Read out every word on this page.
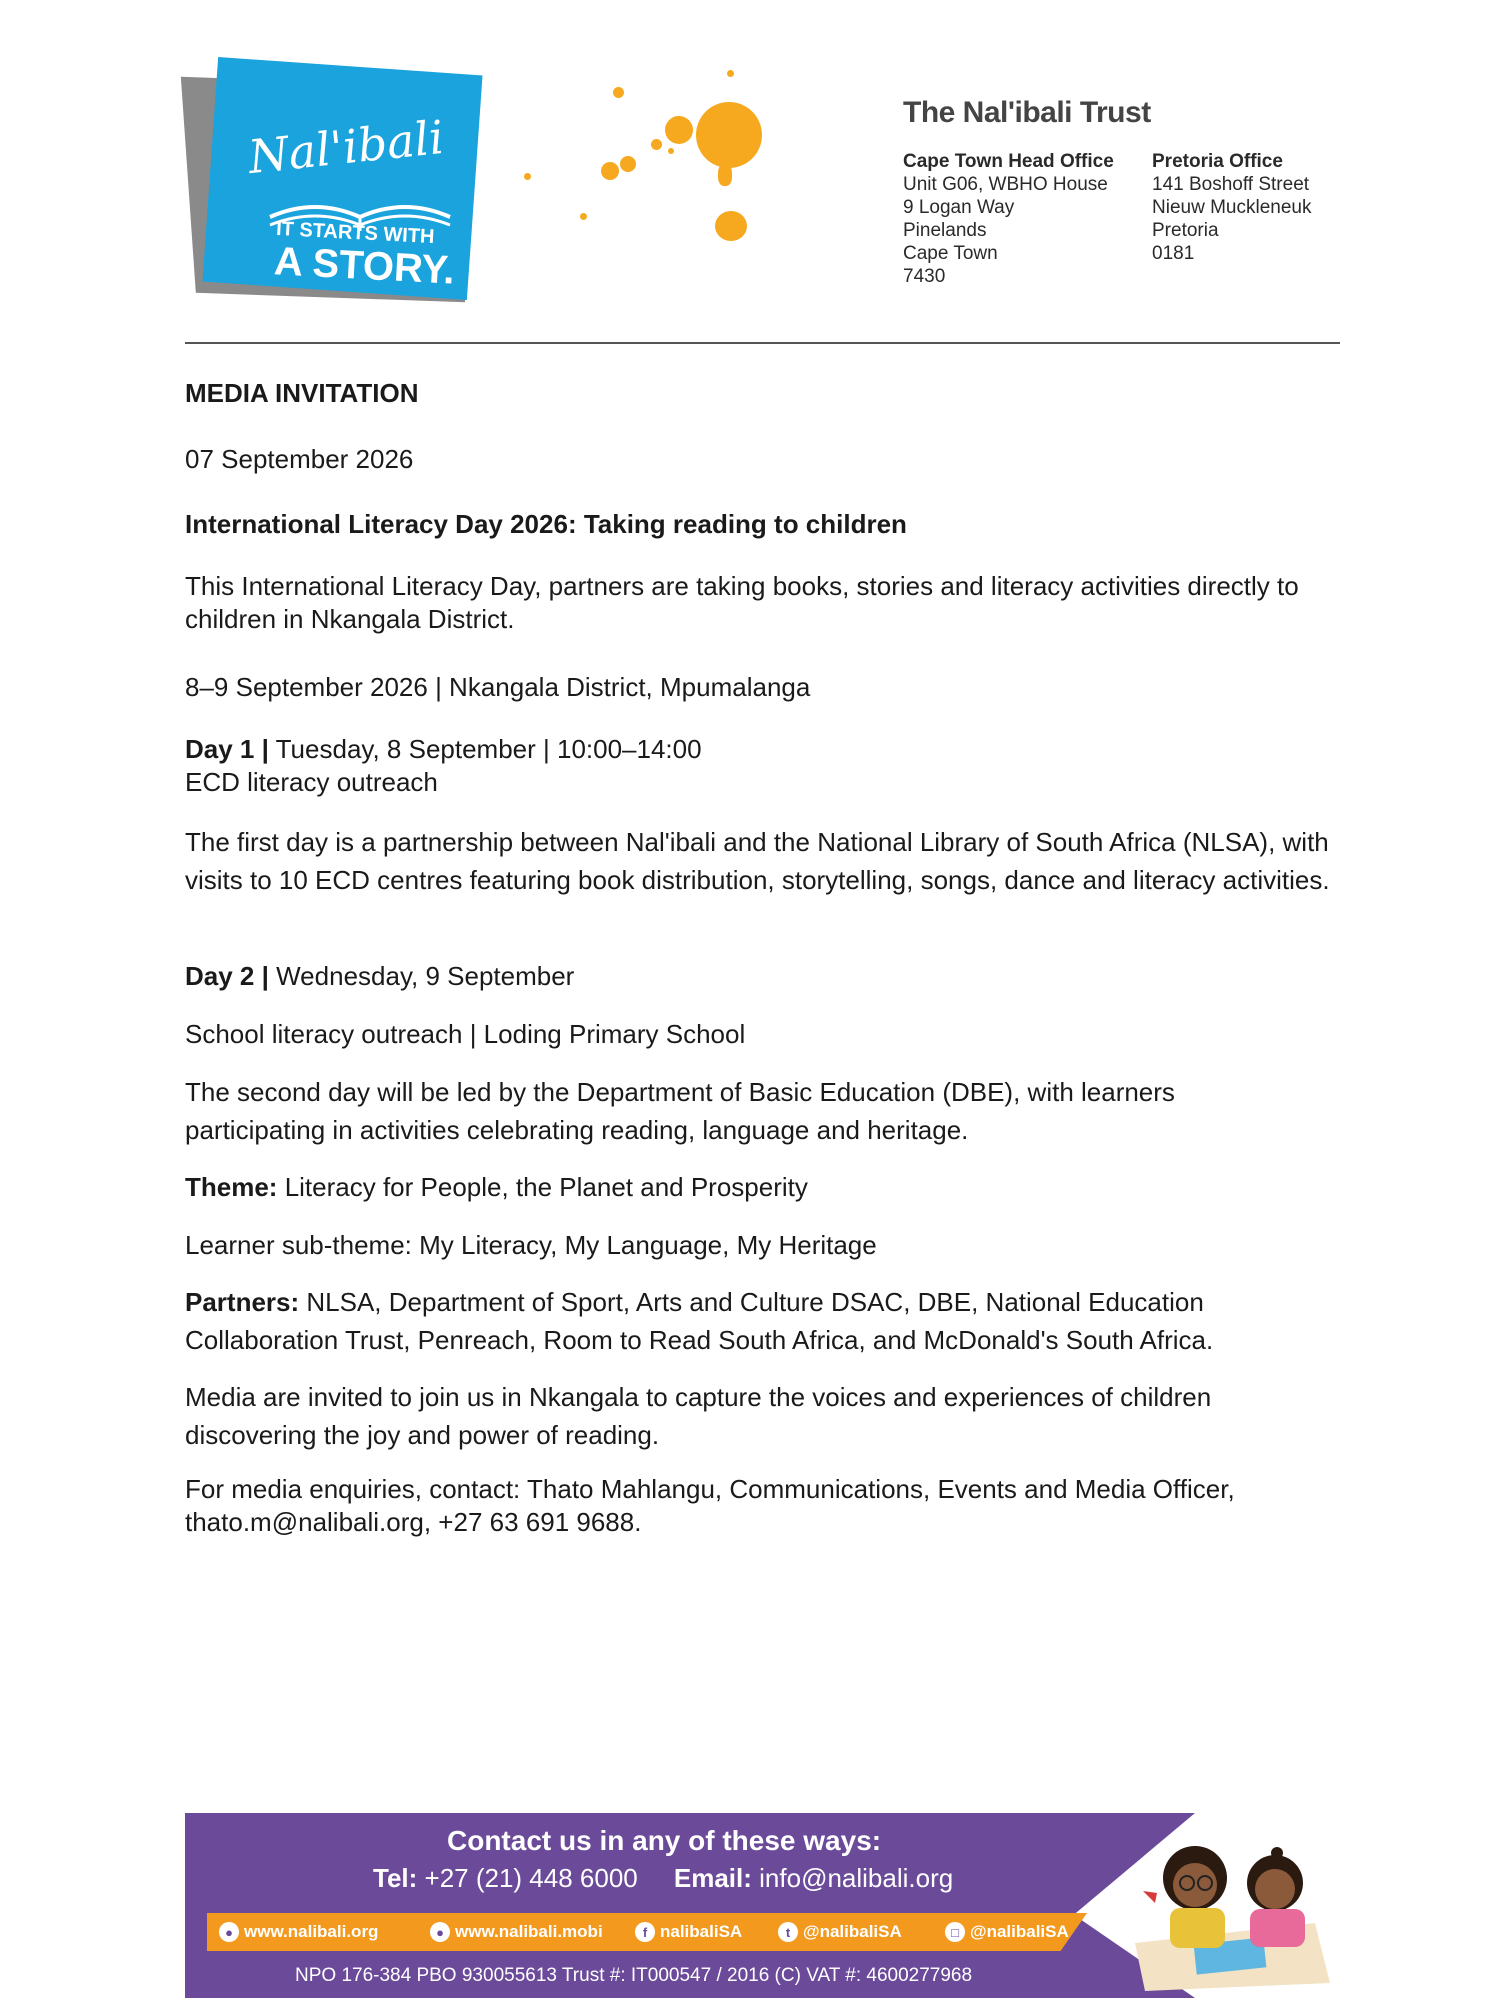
Nal'ibali
IT STARTS WITH
A STORY.
The Nal'ibali Trust
Cape Town Head Office
Unit G06, WBHO House
9 Logan Way
Pinelands
Cape Town
7430
Pretoria Office
141 Boshoff Street
Nieuw Muckleneuk
Pretoria
0181
MEDIA INVITATION
07 September 2026
International Literacy Day 2026: Taking reading to children
This International Literacy Day, partners are taking books, stories and literacy activities directly to children in Nkangala District.
8–9 September 2026 | Nkangala District, Mpumalanga
Day 1 | Tuesday, 8 September | 10:00–14:00
ECD literacy outreach
The first day is a partnership between Nal'ibali and the National Library of South Africa (NLSA), with visits to 10 ECD centres featuring book distribution, storytelling, songs, dance and literacy activities.
Day 2 | Wednesday, 9 September
School literacy outreach | Loding Primary School
The second day will be led by the Department of Basic Education (DBE), with learners participating in activities celebrating reading, language and heritage.
Theme: Literacy for People, the Planet and Prosperity
Learner sub-theme: My Literacy, My Language, My Heritage
Partners: NLSA, Department of Sport, Arts and Culture DSAC, DBE, National Education Collaboration Trust, Penreach, Room to Read South Africa, and McDonald's South Africa.
Media are invited to join us in Nkangala to capture the voices and experiences of children discovering the joy and power of reading.
For media enquiries, contact: Thato Mahlangu, Communications, Events and Media Officer, thato.m@nalibali.org, +27 63 691 9688.
Contact us in any of these ways:
Tel: +27 (21) 448 6000 Email: info@nalibali.org
● www.nalibali.org	● www.nalibali.mobi	f nalibaliSA	t @nalibaliSA	□ @nalibaliSA
NPO 176-384 PBO 930055613 Trust #: IT000547 / 2016 (C) VAT #: 4600277968
